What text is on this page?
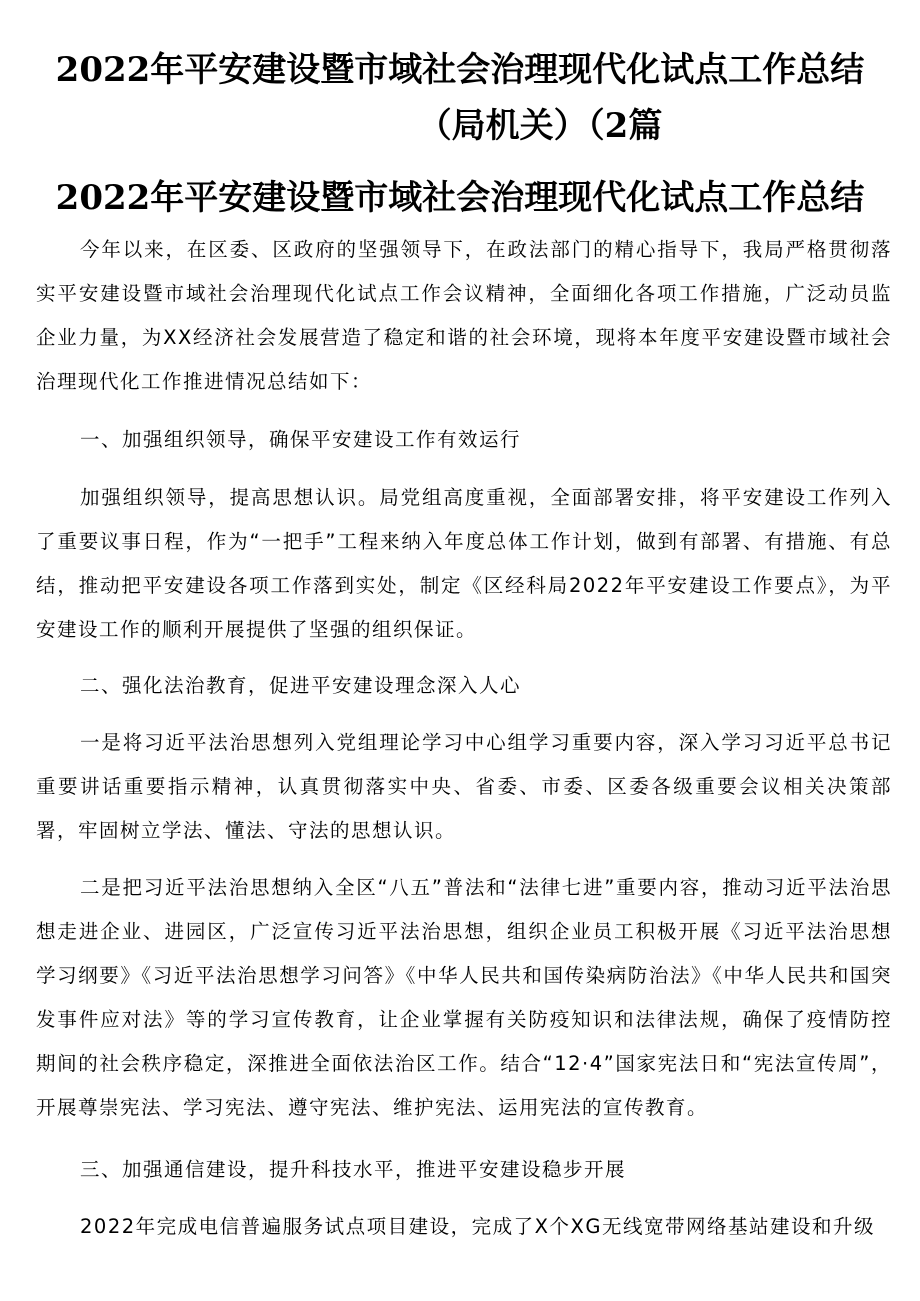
2022年平安建设暨市域社会治理现代化试点工作总结
（局机关）（2篇
2022年平安建设暨市域社会治理现代化试点工作总结
今年以来，在区委、区政府的坚强领导下，在政法部门的精心指导下，我局严格贯彻落实平安建设暨市域社会治理现代化试点工作会议精神，全面细化各项工作措施，广泛动员监企业力量，为XX经济社会发展营造了稳定和谐的社会环境，现将本年度平安建设暨市域社会治理现代化工作推进情况总结如下：
一、加强组织领导，确保平安建设工作有效运行
加强组织领导，提高思想认识。局党组高度重视，全面部署安排，将平安建设工作列入了重要议事日程，作为“一把手”工程来纳入年度总体工作计划，做到有部署、有措施、有总结，推动把平安建设各项工作落到实处，制定《区经科局2022年平安建设工作要点》，为平安建设工作的顺利开展提供了坚强的组织保证。
二、强化法治教育，促进平安建设理念深入人心
一是将习近平法治思想列入党组理论学习中心组学习重要内容，深入学习习近平总书记重要讲话重要指示精神，认真贯彻落实中央、省委、市委、区委各级重要会议相关决策部署，牢固树立学法、懂法、守法的思想认识。
二是把习近平法治思想纳入全区“八五”普法和“法律七进”重要内容，推动习近平法治思想走进企业、进园区，广泛宣传习近平法治思想，组织企业员工积极开展《习近平法治思想学习纲要》《习近平法治思想学习问答》《中华人民共和国传染病防治法》《中华人民共和国突发事件应对法》等的学习宣传教育，让企业掌握有关防疫知识和法律法规，确保了疫情防控期间的社会秩序稳定，深推进全面依法治区工作。结合“12·4”国家宪法日和“宪法宣传周”，开展尊崇宪法、学习宪法、遵守宪法、维护宪法、运用宪法的宣传教育。
三、加强通信建设，提升科技水平，推进平安建设稳步开展
2022年完成电信普遍服务试点项目建设，完成了X个XG无线宽带网络基站建设和升级
